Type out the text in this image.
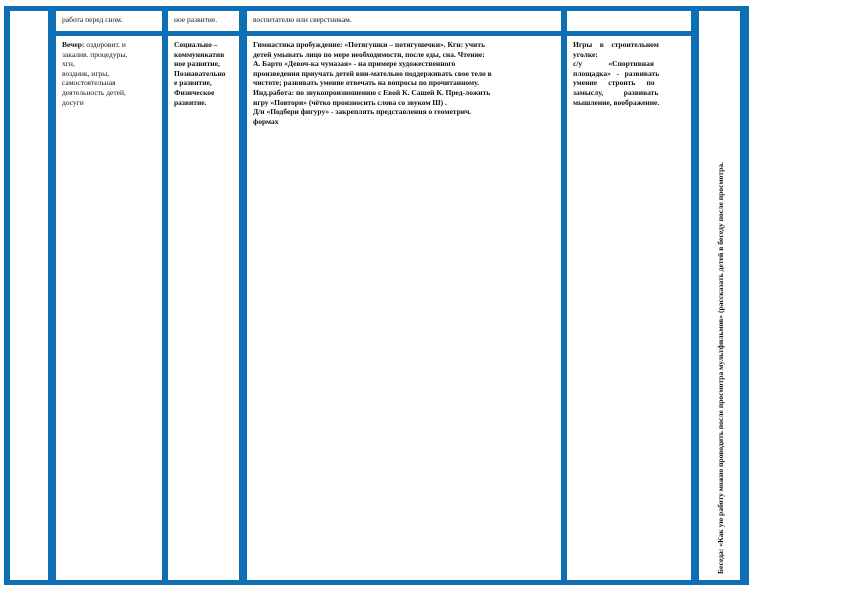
работа перед сном.	ное развитие.	воспитателю или сверстникам.
Вечер: оздоровит. и
закалив. процедуры,
хгн,
воздник, игры,
самостоятельная
деятельность детей,
досуги
Социально –
коммуникатив
ное развитие,
Познавательно
е развитие,
Физическое
развитие.
Гимнастика пробуждение: «Потягушки – потягушечки». Кгн: учить
детей умывать лицо по мере необходимости, после еды, сна. Чтение:
А. Барто «Девоч-ка чумазая» - на примере художественного
произведения приучать детей вни-мательно поддерживать свое тело в
чистоте; развивать умение отвечать на вопросы по прочитанному.
Инд.работа: по звукопроизношению с Евой К. Сашей К. Пред-ложить
игру «Повтори» (чётко произносить слова со звуком Ш) .
Д/и «Подбери фигуру» - закреплять представления о геометрич.
формах
Игры    в    строительном
уголке:
с/у              «Спортивная
площадка»   -   развивать
умение      строить      по
замыслу,           развивать
мышление, воображение.
Беседа: «Как ую работу можно проводить после просмотра мультфильмов» (рассказать детей в беседу после просмотра.
